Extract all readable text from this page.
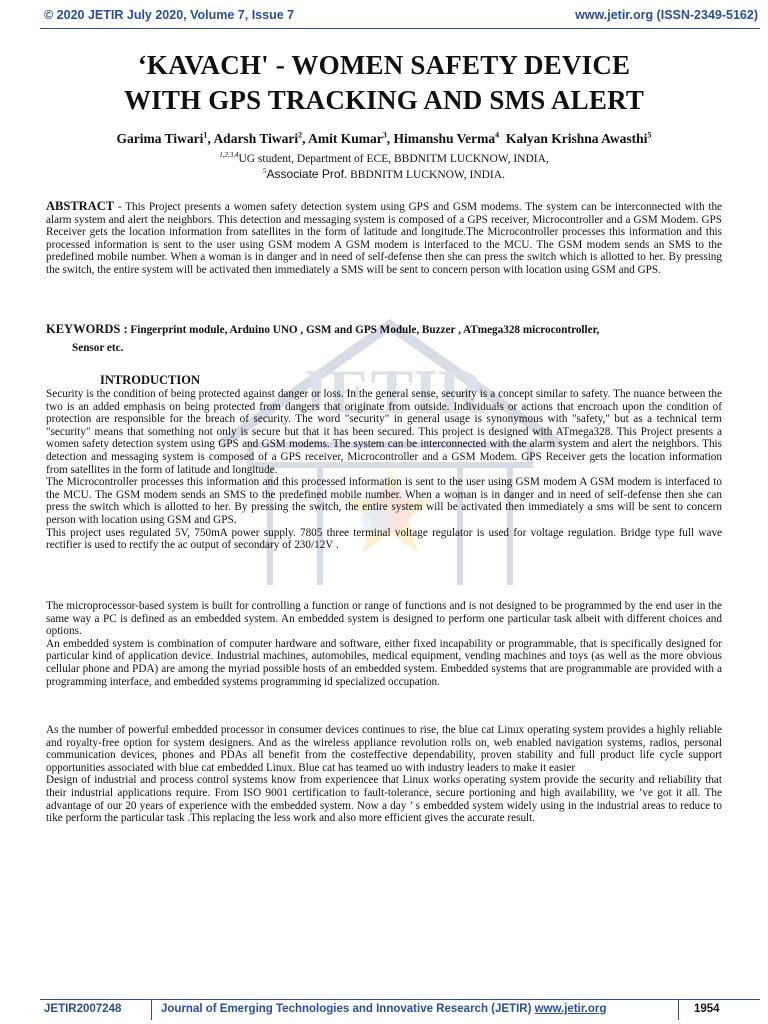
© 2020 JETIR July 2020, Volume 7, Issue 7	www.jetir.org (ISSN-2349-5162)
JETIR
‘KAVACH' - WOMEN SAFETY DEVICE
WITH GPS TRACKING AND SMS ALERT
Garima Tiwari$^1$, Adarsh Tiwari$^2$, Amit Kumar$^3$, Himanshu Verma$^4$ Kalyan Krishna Awasthi$^5$
$^{1,2,3,4}$UG student, Department of ECE, BBDNITM LUCKNOW, INDIA,
$^5$Associate Prof. BBDNITM LUCKNOW, INDIA.

ABSTRACT - This Project presents a women safety detection system using GPS and GSM modems. The system can be interconnected with the alarm system and alert the neighbors. This detection and messaging system is composed of a GPS receiver, Microcontroller and a GSM Modem. GPS Receiver gets the location information from satellites in the form of latitude and longitude.The Microcontroller processes this information and this processed information is sent to the user using GSM modem A GSM modem is interfaced to the MCU. The GSM modem sends an SMS to the predefined mobile number. When a woman is in danger and in need of self-defense then she can press the switch which is allotted to her. By pressing the switch, the entire system will be activated then immediately a SMS will be sent to concern person with location using GSM and GPS.

KEYWORDS : Fingerprint module, Arduino UNO , GSM and GPS Module, Buzzer , ATmega328 microcontroller,

Sensor etc.

INTRODUCTION

Security is the condition of being protected against danger or loss. In the general sense, security is a concept similar to safety. The nuance between the two is an added emphasis on being protected from dangers that originate from outside. Individuals or actions that encroach upon the condition of protection are responsible for the breach of security. The word "security" in general usage is synonymous with "safety," but as a technical term "security" means that something not only is secure but that it has been secured. This project is designed with ATmega328. This Project presents a women safety detection system using GPS and GSM modems. The system can be interconnected with the alarm system and alert the neighbors. This detection and messaging system is composed of a GPS receiver, Microcontroller and a GSM Modem. GPS Receiver gets the location information from satellites in the form of latitude and longitude.

The Microcontroller processes this information and this processed information is sent to the user using GSM modem A GSM modem is interfaced to the MCU. The GSM modem sends an SMS to the predefined mobile number. When a woman is in danger and in need of self-defense then she can press the switch which is allotted to her. By pressing the switch, the entire system will be activated then immediately a sms will be sent to concern person with location using GSM and GPS.

This project uses regulated 5V, 750mA power supply. 7805 three terminal voltage regulator is used for voltage regulation. Bridge type full wave rectifier is used to rectify the ac output of secondary of 230/12V .

The microprocessor-based system is built for controlling a function or range of functions and is not designed to be programmed by the end user in the same way a PC is defined as an embedded system. An embedded system is designed to perform one particular task albeit with different choices and options.

An embedded system is combination of computer hardware and software, either fixed incapability or programmable, that is specifically designed for particular kind of application device. Industrial machines, automobiles, medical equipment, vending machines and toys (as well as the more obvious cellular phone and PDA) are among the myriad possible hosts of an embedded system. Embedded systems that are programmable are provided with a programming interface, and embedded systems programming id specialized occupation.

As the number of powerful embedded processor in consumer devices continues to rise, the blue cat Linux operating system provides a highly reliable and royalty-free option for system designers. And as the wireless appliance revolution rolls on, web enabled navigation systems, radios, personal communication devices, phones and PDAs all benefit from the costeffective dependability, proven stability and full product life cycle support opportunities associated with blue cat embedded Linux. Blue cat has teamed uo with industry leaders to make it easier

Design of industrial and process control systems know from experiencee that Linux works operating system provide the security and reliability that their industrial applications require. From ISO 9001 certification to fault-tolerance, secure portioning and high availability, we ’ve got it all. The advantage of our 20 years of experience with the embedded system. Now a day ’ s embedded system widely using in the industrial areas to reduce to tike perform the particular task .This replacing the less work and also more efficient gives the accurate result.

JETIR2007248	Journal of Emerging Technologies and Innovative Research (JETIR) www.jetir.org	1954
